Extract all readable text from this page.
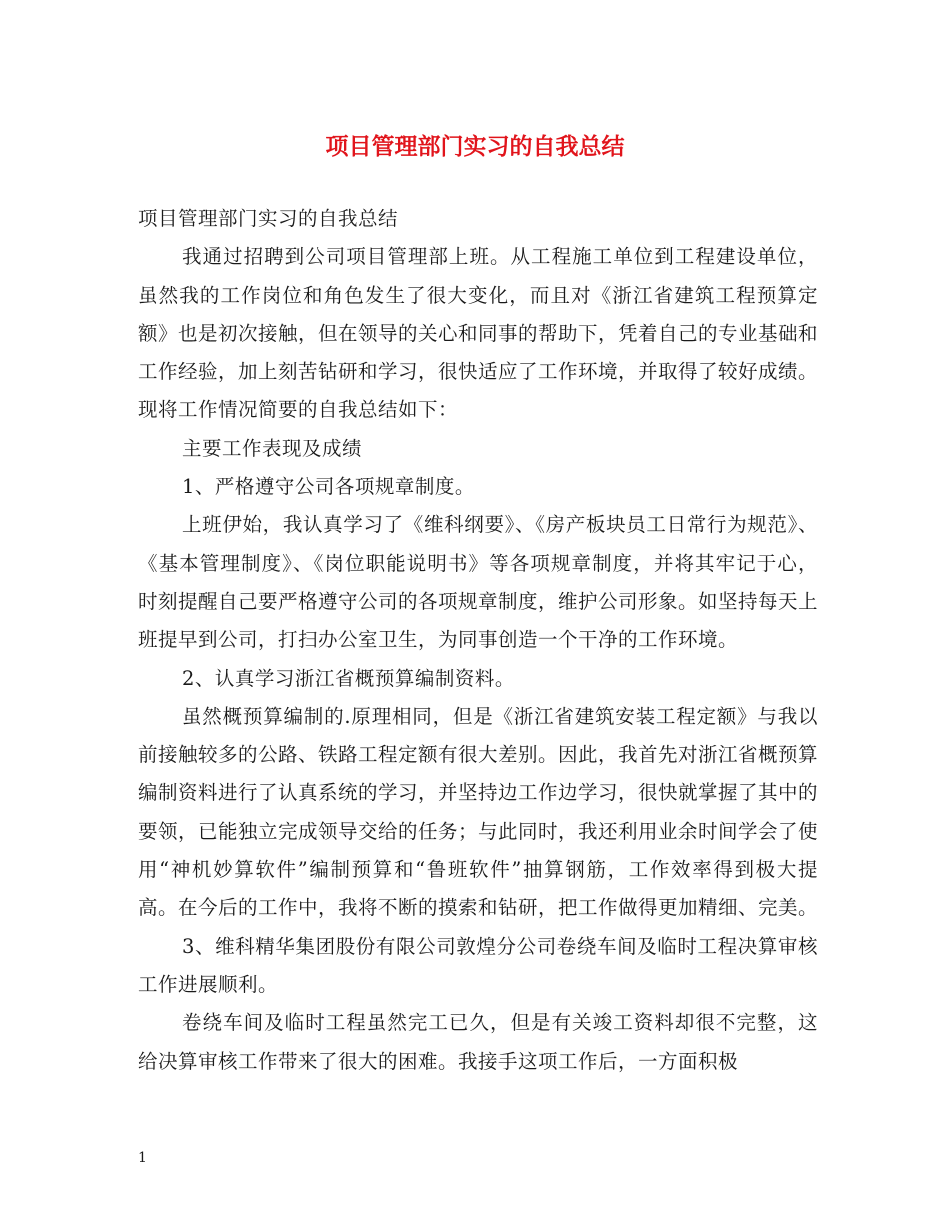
项目管理部门实习的自我总结

项目管理部门实习的自我总结

我通过招聘到公司项目管理部上班。从工程施工单位到工程建设单位，虽然我的工作岗位和角色发生了很大变化，而且对《浙江省建筑工程预算定额》也是初次接触，但在领导的关心和同事的帮助下，凭着自己的专业基础和工作经验，加上刻苦钻研和学习，很快适应了工作环境，并取得了较好成绩。现将工作情况简要的自我总结如下：

主要工作表现及成绩

1、严格遵守公司各项规章制度。

上班伊始，我认真学习了《维科纲要》、《房产板块员工日常行为规范》、《基本管理制度》、《岗位职能说明书》等各项规章制度，并将其牢记于心，时刻提醒自己要严格遵守公司的各项规章制度，维护公司形象。如坚持每天上班提早到公司，打扫办公室卫生，为同事创造一个干净的工作环境。

2、认真学习浙江省概预算编制资料。

虽然概预算编制的.原理相同，但是《浙江省建筑安装工程定额》与我以前接触较多的公路、铁路工程定额有很大差别。因此，我首先对浙江省概预算编制资料进行了认真系统的学习，并坚持边工作边学习，很快就掌握了其中的要领，已能独立完成领导交给的任务；与此同时，我还利用业余时间学会了使用“神机妙算软件”编制预算和“鲁班软件”抽算钢筋，工作效率得到极大提高。在今后的工作中，我将不断的摸索和钻研，把工作做得更加精细、完美。

3、维科精华集团股份有限公司敦煌分公司卷绕车间及临时工程决算审核工作进展顺利。

卷绕车间及临时工程虽然完工已久，但是有关竣工资料却很不完整，这给决算审核工作带来了很大的困难。我接手这项工作后，一方面积极

1
